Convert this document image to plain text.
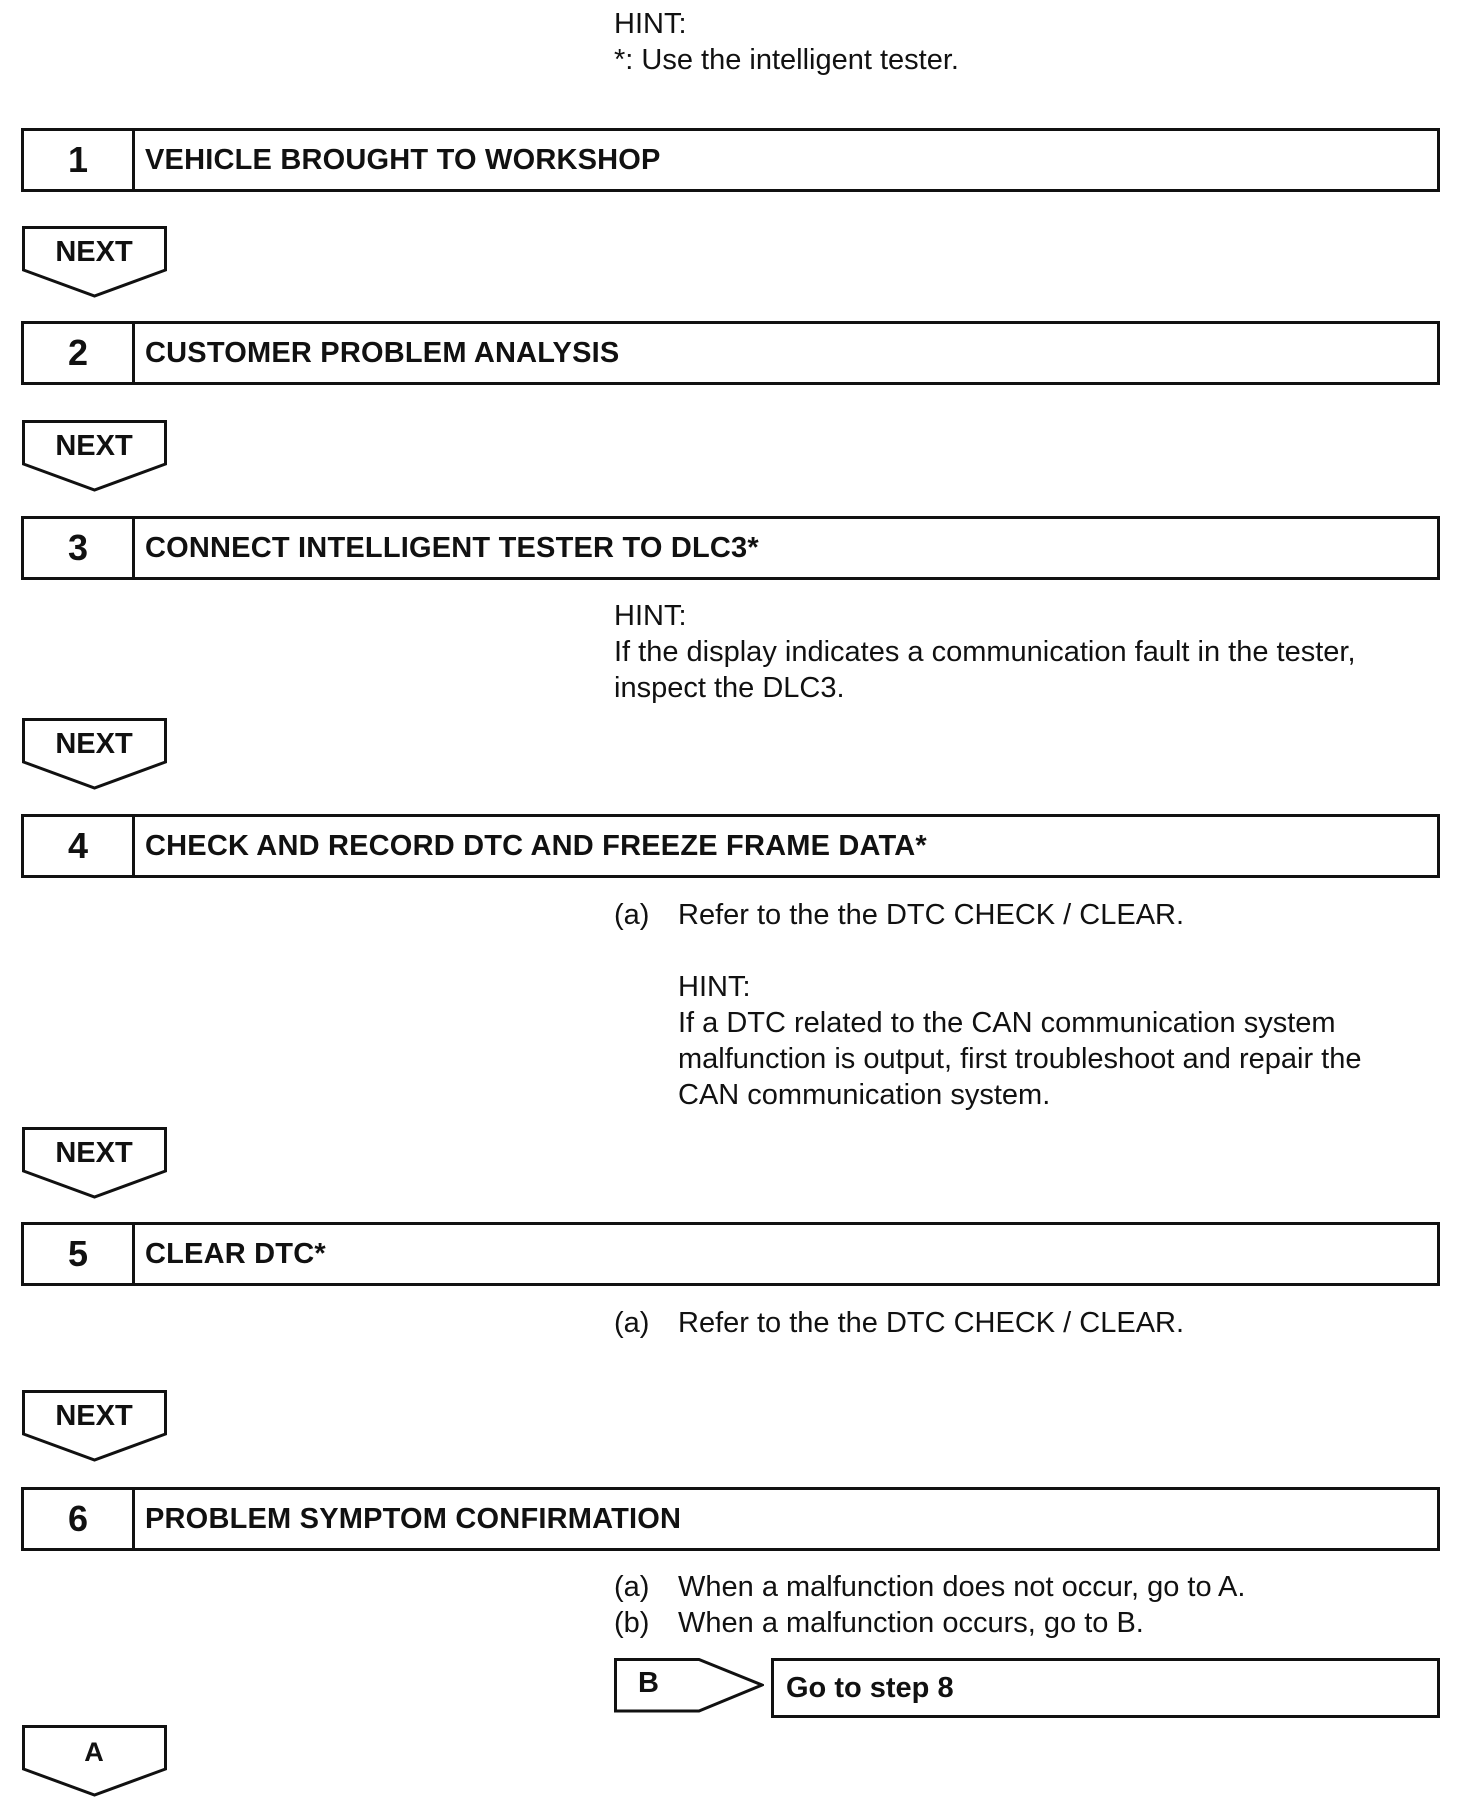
HINT:
*: Use the intelligent tester.
1	VEHICLE BROUGHT TO WORKSHOP
NEXT
2	CUSTOMER PROBLEM ANALYSIS
NEXT
3	CONNECT INTELLIGENT TESTER TO DLC3*
HINT:
If the display indicates a communication fault in the tester,
inspect the DLC3.
NEXT
4	CHECK AND RECORD DTC AND FREEZE FRAME DATA*
(a) Refer to the the DTC CHECK / CLEAR.
HINT:
If a DTC related to the CAN communication system
malfunction is output, first troubleshoot and repair the
CAN communication system.
NEXT
5	CLEAR DTC*
(a) Refer to the the DTC CHECK / CLEAR.
NEXT
6	PROBLEM SYMPTOM CONFIRMATION
(a) When a malfunction does not occur, go to A.
(b) When a malfunction occurs, go to B.
B	Go to step 8
A
